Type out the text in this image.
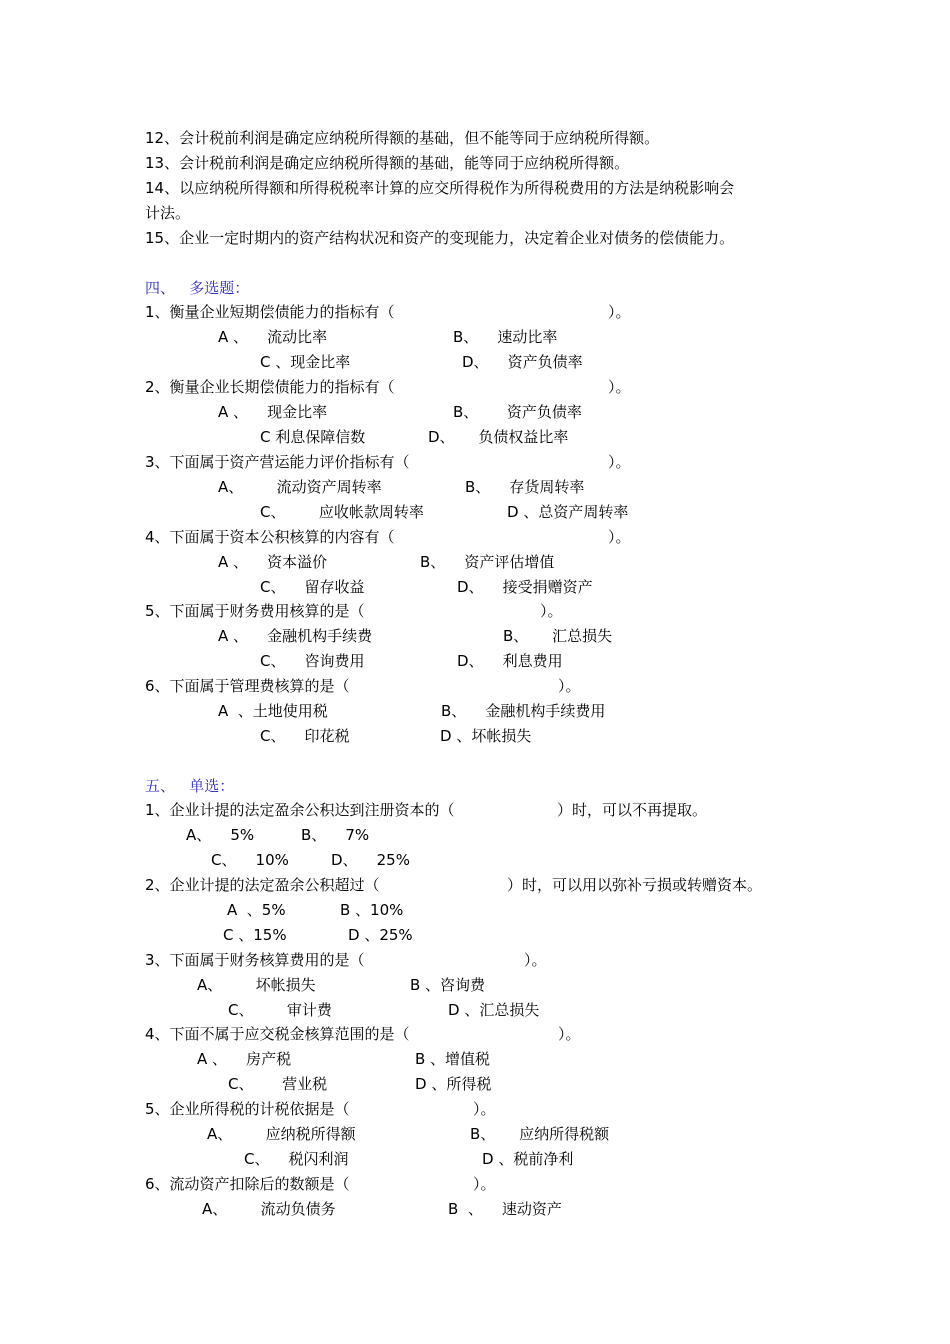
12、会计税前利润是确定应纳税所得额的基础，但不能等同于应纳税所得额。
13、会计税前利润是确定应纳税所得额的基础，能等同于应纳税所得额。
14、以应纳税所得额和所得税税率计算的应交所得税作为所得税费用的方法是纳税影响会
计法。
15、企业一定时期内的资产结构状况和资产的变现能力，决定着企业对债务的偿债能力。
四、   多选题：
1、衡量企业短期偿债能力的指标有（	）。
A 、    流动比率	B、    速动比率
C 、现金比率	D、    资产负债率
2、衡量企业长期偿债能力的指标有（	）。
A 、    现金比率	B、      资产负债率
C 利息保障信数	D、     负债权益比率
3、下面属于资产营运能力评价指标有（	）。
A、       流动资产周转率	B、    存货周转率
C、       应收帐款周转率	D 、总资产周转率
4、下面属于资本公积核算的内容有（	）。
A 、    资本溢价	B、    资产评估增值
C、    留存收益	D、    接受捐赠资产
5、下面属于财务费用核算的是（	）。
A 、    金融机构手续费	B、     汇总损失
C、    咨询费用	D、    利息费用
6、下面属于管理费核算的是（	）。
A  、土地使用税	B、    金融机构手续费用
C、    印花税	D 、坏帐损失
五、   单选：
1、企业计提的法定盈余公积达到注册资本的（	）时，可以不再提取。
A、    5%	B、    7%
C、    10%	D、    25%
2、企业计提的法定盈余公积超过（	）时，可以用以弥补亏损或转赠资本。
A  、5%	B 、10%
C 、15%	D 、25%
3、下面属于财务核算费用的是（	）。
A、       坏帐损失	B 、咨询费
C、       审计费	D 、汇总损失
4、下面不属于应交税金核算范围的是（	）。
A 、    房产税	B 、增值税
C、      营业税	D 、所得税
5、企业所得税的计税依据是（	）。
A、       应纳税所得额	B、     应纳所得税额
C、    税闪利润	D 、税前净利
6、流动资产扣除后的数额是（	）。
A、       流动负债务	B  、    速动资产
